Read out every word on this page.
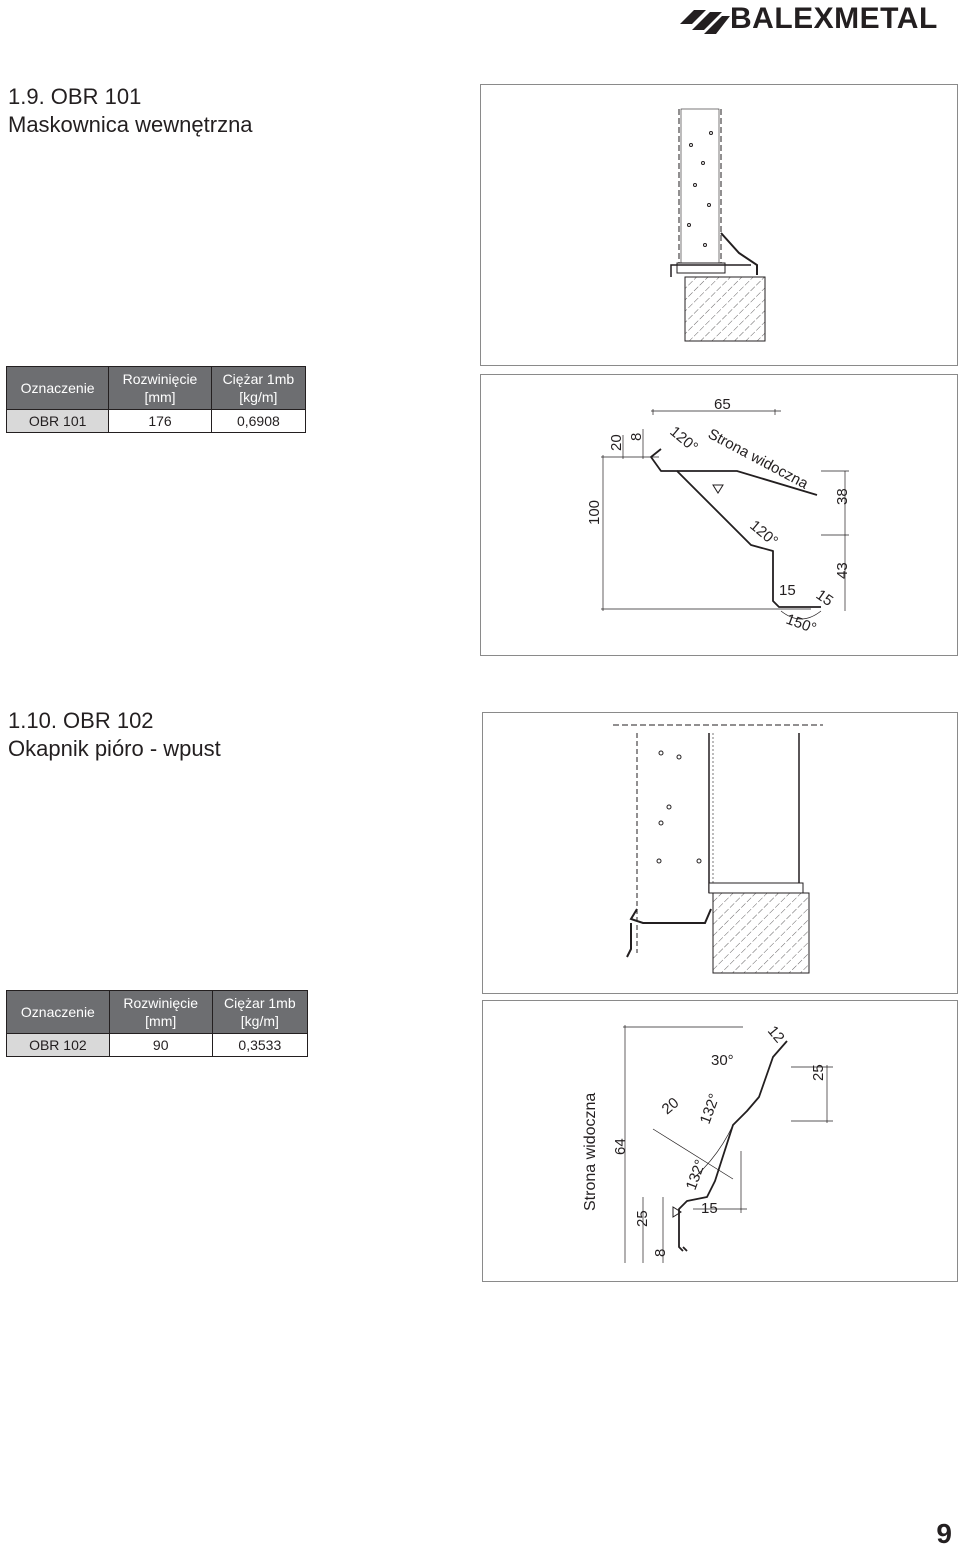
BALEXMETAL
1.9. OBR 101
Maskownica wewnętrzna
Oznaczenie	Rozwinięcie [mm]	Ciężar 1mb [kg/m]
OBR 101	176	0,6908
65
20 8 120° Strona widoczna
100
120°
38
43
15 15
150°
1.10. OBR 102
Okapnik pióro - wpust
Oznaczenie	Rozwinięcie [mm]	Ciężar 1mb [kg/m]
OBR 102	90	0,3533
Strona widoczna 64
25
8
20 132°
132°
15
30°
12
25
9
